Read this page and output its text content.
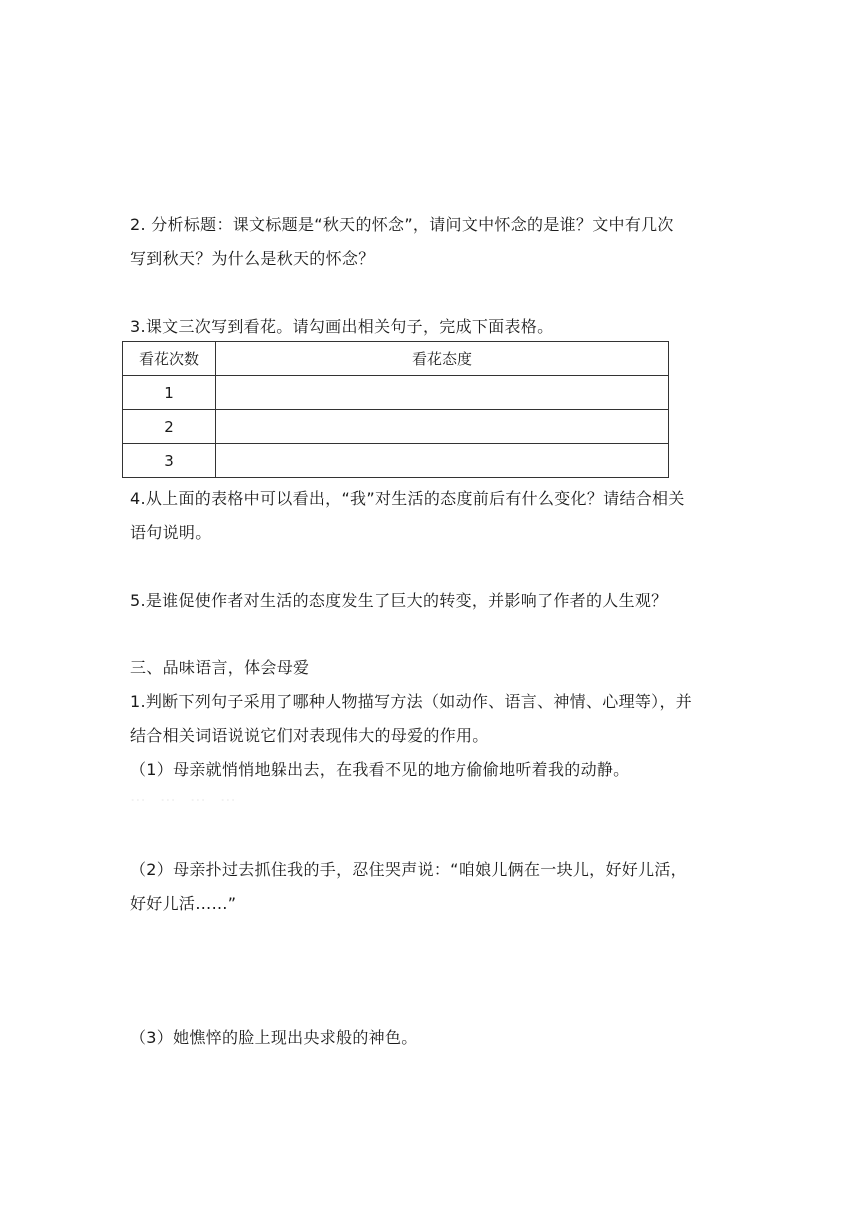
2. 分析标题：课文标题是“秋天的怀念”，请问文中怀念的是谁？文中有几次
写到秋天？为什么是秋天的怀念？
3.课文三次写到看花。请勾画出相关句子，完成下面表格。
看花次数	看花态度
1	
2	
3	
4.从上面的表格中可以看出，“我”对生活的态度前后有什么变化？请结合相关
语句说明。
5.是谁促使作者对生活的态度发生了巨大的转变，并影响了作者的人生观？
三、品味语言，体会母爱
1.判断下列句子采用了哪种人物描写方法（如动作、语言、神情、心理等），并
结合相关词语说说它们对表现伟大的母爱的作用。
（1）母亲就悄悄地躲出去，在我看不见的地方偷偷地听着我的动静。
⋯⋯⋯⋯
（2）母亲扑过去抓住我的手，忍住哭声说：“咱娘儿俩在一块儿，好好儿活，
好好儿活……”
（3）她憔悴的脸上现出央求般的神色。
